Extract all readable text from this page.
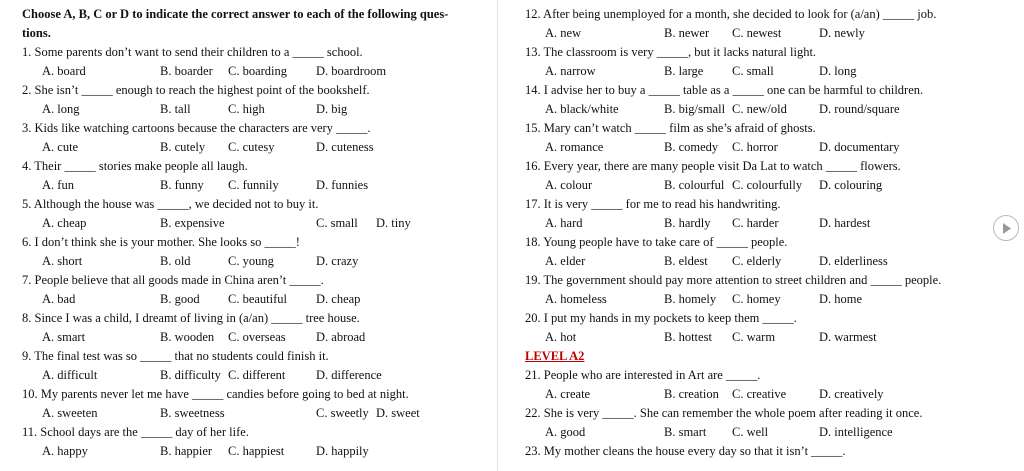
Choose A, B, C or D to indicate the correct answer to each of the following ques-
tions.
1. Some parents don’t want to send their children to a _____ school.
A. board	B. boarder C. boarding D. boardroom
2. She isn’t _____ enough to reach the highest point of the bookshelf.
A. long	B. tall	C. high	D. big
3. Kids like watching cartoons because the characters are very _____.
A. cute	B. cutely C. cutesy	D. cuteness
4. Their _____ stories make people all laugh.
A. fun	B. funny C. funnily	D. funnies
5. Although the house was _____, we decided not to buy it.
A. cheap	B. expensive	C. small D. tiny
6. I don’t think she is your mother. She looks so _____!
A. short	B. old	C. young	D. crazy
7. People believe that all goods made in China aren’t _____.
A. bad	B. good C. beautiful D. cheap
8. Since I was a child, I dreamt of living in (a/an) _____ tree house.
A. smart	B. wooden C. overseas D. abroad
9. The final test was so _____ that no students could finish it.
A. difficult	B. difficulty C. different D. difference
10. My parents never let me have _____ candies before going to bed at night.
A. sweeten	B. sweetness	C. sweetly D. sweet
11. School days are the _____ day of her life.
A. happy	B. happier C. happiest	D. happily
12. After being unemployed for a month, she decided to look for (a/an) _____ job.
A. new	B. newer C. newest	D. newly
13. The classroom is very _____, but it lacks natural light.
A. narrow	B. large C. small	D. long
14. I advise her to buy a _____ table as a _____ one can be harmful to children.
A. black/white	B. big/small C. new/old	D. round/square
15. Mary can’t watch _____ film as she’s afraid of ghosts.
A. romance	B. comedy C. horror	D. documentary
16. Every year, there are many people visit Da Lat to watch _____ flowers.
A. colour	B. colourful C. colourfully D. colouring
17. It is very _____ for me to read his handwriting.
A. hard	B. hardly C. harder	D. hardest
18. Young people have to take care of _____ people.
A. elder	B. eldest C. elderly	D. elderliness
19. The government should pay more attention to street children and _____ people.
A. homeless	B. homely C. homey	D. home
20. I put my hands in my pockets to keep them _____.
A. hot	B. hottest C. warm	D. warmest
LEVEL A2
21. People who are interested in Art are _____.
A. create	B. creation C. creative	D. creatively
22. She is very _____. She can remember the whole poem after reading it once.
A. good	B. smart C. well	D. intelligence
23. My mother cleans the house every day so that it isn’t _____.
